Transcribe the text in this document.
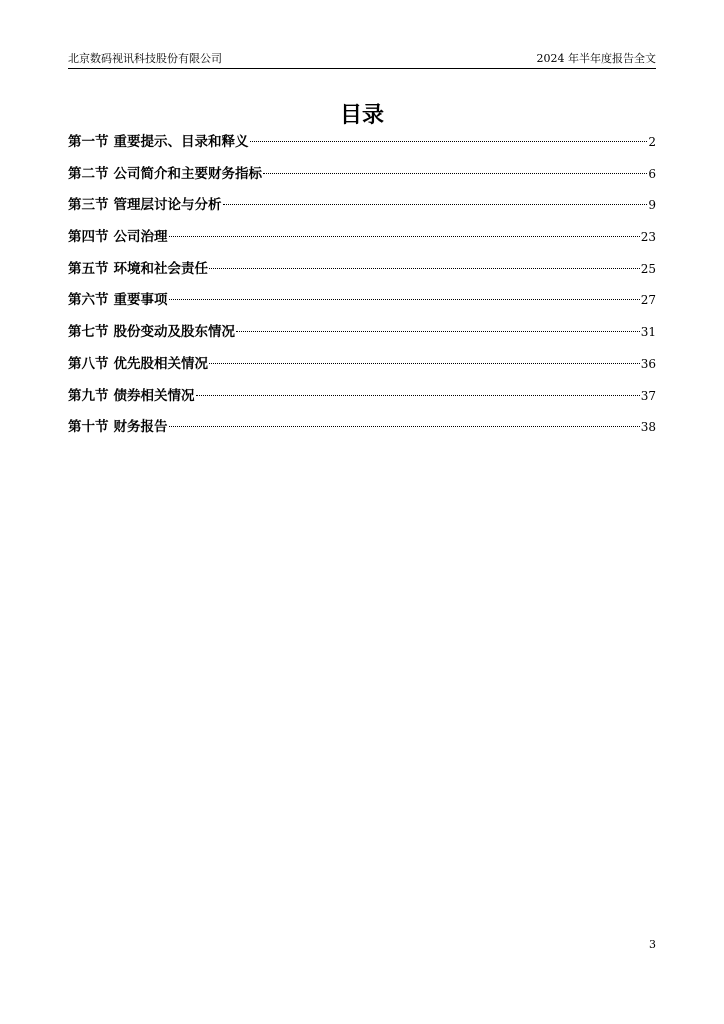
北京数码视讯科技股份有限公司	2024 年半年度报告全文
目录
第一节 重要提示、目录和释义	2
第二节 公司简介和主要财务指标	6
第三节 管理层讨论与分析	9
第四节 公司治理	23
第五节 环境和社会责任	25
第六节 重要事项	27
第七节 股份变动及股东情况	31
第八节 优先股相关情况	36
第九节 债券相关情况	37
第十节 财务报告	38
3
